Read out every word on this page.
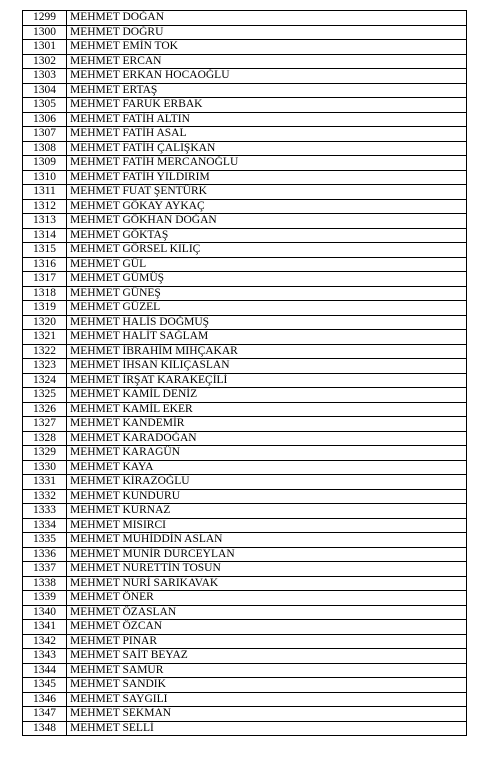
1299	MEHMET DOĞAN
1300	MEHMET DOĞRU
1301	MEHMET EMİN TOK
1302	MEHMET ERCAN
1303	MEHMET ERKAN HOCAOĞLU
1304	MEHMET ERTAŞ
1305	MEHMET FARUK ERBAK
1306	MEHMET FATİH ALTIN
1307	MEHMET FATİH ASAL
1308	MEHMET FATİH ÇALIŞKAN
1309	MEHMET FATİH MERCANOĞLU
1310	MEHMET FATİH YILDIRIM
1311	MEHMET FUAT ŞENTÜRK
1312	MEHMET GÖKAY AYKAÇ
1313	MEHMET GÖKHAN DOĞAN
1314	MEHMET GÖKTAŞ
1315	MEHMET GÖRSEL KILIÇ
1316	MEHMET GÜL
1317	MEHMET GÜMÜŞ
1318	MEHMET GÜNEŞ
1319	MEHMET GÜZEL
1320	MEHMET HALİS DOĞMUŞ
1321	MEHMET HALİT SAĞLAM
1322	MEHMET İBRAHİM MIHÇAKAR
1323	MEHMET İHSAN KILIÇASLAN
1324	MEHMET İRŞAT KARAKEÇİLİ
1325	MEHMET KAMİL DENİZ
1326	MEHMET KAMİL EKER
1327	MEHMET KANDEMİR
1328	MEHMET KARADOĞAN
1329	MEHMET KARAGÜN
1330	MEHMET KAYA
1331	MEHMET KİRAZOĞLU
1332	MEHMET KUNDURU
1333	MEHMET KURNAZ
1334	MEHMET MISIRCI
1335	MEHMET MUHİDDİN ASLAN
1336	MEHMET MUNİR DURCEYLAN
1337	MEHMET NURETTİN TOSUN
1338	MEHMET NURİ SARIKAVAK
1339	MEHMET ÖNER
1340	MEHMET ÖZASLAN
1341	MEHMET ÖZCAN
1342	MEHMET PINAR
1343	MEHMET SAİT BEYAZ
1344	MEHMET SAMUR
1345	MEHMET SANDIK
1346	MEHMET SAYGILI
1347	MEHMET SEKMAN
1348	MEHMET SELLİ
